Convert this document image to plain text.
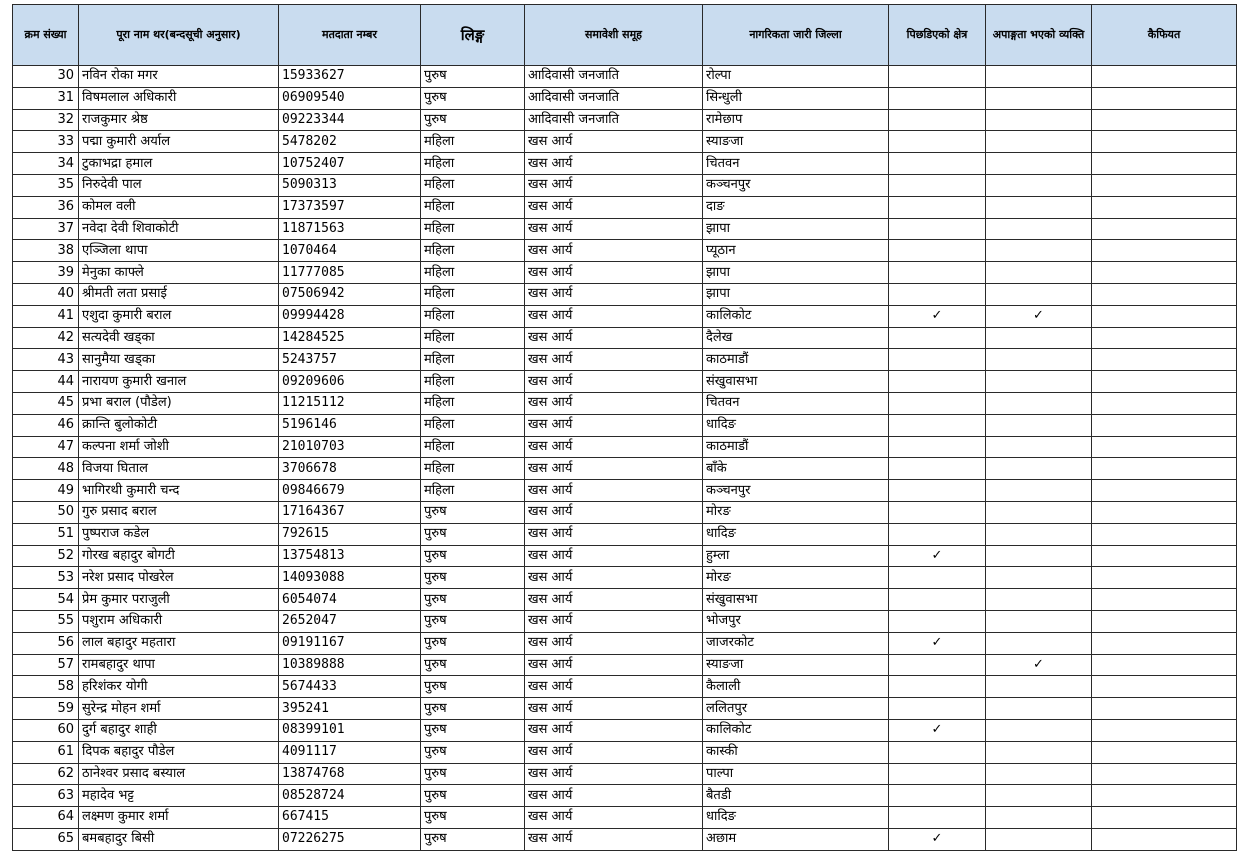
क्रम संख्या	पूरा नाम थर(बन्दसूची अनुसार)	मतदाता नम्बर	लिङ्ग	समावेशी समूह	नागरिकता जारी जिल्ला	पिछडिएको क्षेत्र	अपाङ्गता भएको व्यक्ति	कैफियत
30	नविन रोका मगर	15933627	पुरुष	आदिवासी जनजाति	रोल्पा			
31	विषमलाल अधिकारी	06909540	पुरुष	आदिवासी जनजाति	सिन्धुली			
32	राजकुमार श्रेष्ठ	09223344	पुरुष	आदिवासी जनजाति	रामेछाप			
33	पद्मा कुमारी अर्याल	5478202	महिला	खस आर्य	स्याङजा			
34	टुकाभद्रा हमाल	10752407	महिला	खस आर्य	चितवन			
35	निरुदेवी पाल	5090313	महिला	खस आर्य	कञ्चनपुर			
36	कोमल वली	17373597	महिला	खस आर्य	दाङ			
37	नवेदा देवी शिवाकोटी	11871563	महिला	खस आर्य	झापा			
38	एञ्जिला थापा	1070464	महिला	खस आर्य	प्यूठान			
39	मेनुका काफ्ले	11777085	महिला	खस आर्य	झापा			
40	श्रीमती लता प्रसाई	07506942	महिला	खस आर्य	झापा			
41	एशुदा कुमारी बराल	09994428	महिला	खस आर्य	कालिकोट	✓	✓	
42	सत्यदेवी खड्का	14284525	महिला	खस आर्य	दैलेख			
43	सानुमैया खड्का	5243757	महिला	खस आर्य	काठमाडौं			
44	नारायण कुमारी खनाल	09209606	महिला	खस आर्य	संखुवासभा			
45	प्रभा बराल (पौडेल)	11215112	महिला	खस आर्य	चितवन			
46	क्रान्ति बुलोकोटी	5196146	महिला	खस आर्य	धादिङ			
47	कल्पना शर्मा जोशी	21010703	महिला	खस आर्य	काठमाडौं			
48	विजया घिताल	3706678	महिला	खस आर्य	बाँके			
49	भागिरथी कुमारी चन्द	09846679	महिला	खस आर्य	कञ्चनपुर			
50	गुरु प्रसाद बराल	17164367	पुरुष	खस आर्य	मोरङ			
51	पुष्पराज कडेल	792615	पुरुष	खस आर्य	धादिङ			
52	गोरख बहादुर बोगटी	13754813	पुरुष	खस आर्य	हुम्ला	✓		
53	नरेश प्रसाद पोखरेल	14093088	पुरुष	खस आर्य	मोरङ			
54	प्रेम कुमार पराजुली	6054074	पुरुष	खस आर्य	संखुवासभा			
55	पशुराम अधिकारी	2652047	पुरुष	खस आर्य	भोजपुर			
56	लाल बहादुर महतारा	09191167	पुरुष	खस आर्य	जाजरकोट	✓		
57	रामबहादुर थापा	10389888	पुरुष	खस आर्य	स्याङजा		✓	
58	हरिशंकर योगी	5674433	पुरुष	खस आर्य	कैलाली			
59	सुरेन्द्र मोहन शर्मा	395241	पुरुष	खस आर्य	ललितपुर			
60	दुर्ग बहादुर शाही	08399101	पुरुष	खस आर्य	कालिकोट	✓		
61	दिपक बहादुर पौडेल	4091117	पुरुष	खस आर्य	कास्की			
62	ठानेश्वर प्रसाद बस्याल	13874768	पुरुष	खस आर्य	पाल्पा			
63	महादेव भट्ट	08528724	पुरुष	खस आर्य	बैतडी			
64	लक्ष्मण कुमार शर्मा	667415	पुरुष	खस आर्य	धादिङ			
65	बमबहादुर बिसी	07226275	पुरुष	खस आर्य	अछाम	✓		
